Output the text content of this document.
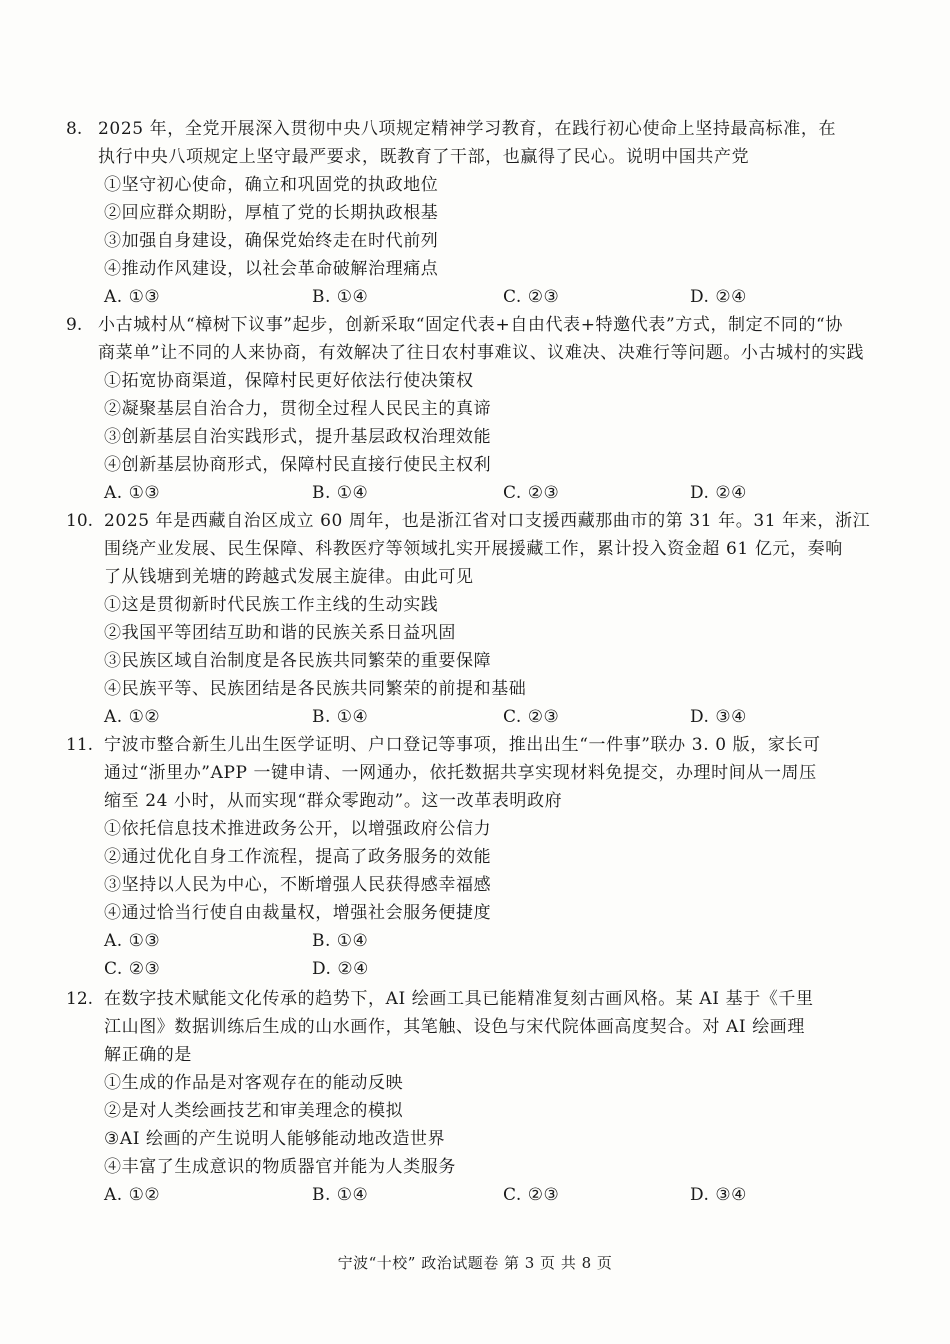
8. 2025 年，全党开展深入贯彻中央八项规定精神学习教育，在践行初心使命上坚持最高标准，在
执行中央八项规定上坚守最严要求，既教育了干部，也赢得了民心。说明中国共产党
①坚守初心使命，确立和巩固党的执政地位
②回应群众期盼，厚植了党的长期执政根基
③加强自身建设，确保党始终走在时代前列
④推动作风建设，以社会革命破解治理痛点
A. ①③	B. ①④	C. ②③	D. ②④
9. 小古城村从“樟树下议事”起步，创新采取“固定代表+自由代表+特邀代表”方式，制定不同的“协
商菜单”让不同的人来协商，有效解决了往日农村事难议、议难决、决难行等问题。小古城村的实践
①拓宽协商渠道，保障村民更好依法行使决策权
②凝聚基层自治合力，贯彻全过程人民民主的真谛
③创新基层自治实践形式，提升基层政权治理效能
④创新基层协商形式，保障村民直接行使民主权利
A. ①③	B. ①④	C. ②③	D. ②④
10. 2025 年是西藏自治区成立 60 周年，也是浙江省对口支援西藏那曲市的第 31 年。31 年来，浙江
围绕产业发展、民生保障、科教医疗等领域扎实开展援藏工作，累计投入资金超 61 亿元，奏响
了从钱塘到羌塘的跨越式发展主旋律。由此可见
①这是贯彻新时代民族工作主线的生动实践
②我国平等团结互助和谐的民族关系日益巩固
③民族区域自治制度是各民族共同繁荣的重要保障
④民族平等、民族团结是各民族共同繁荣的前提和基础
A. ①②	B. ①④	C. ②③	D. ③④
11. 宁波市整合新生儿出生医学证明、户口登记等事项，推出出生“一件事”联办 3. 0 版，家长可
通过“浙里办”APP 一键申请、一网通办，依托数据共享实现材料免提交，办理时间从一周压
缩至 24 小时，从而实现“群众零跑动”。这一改革表明政府
①依托信息技术推进政务公开，以增强政府公信力
②通过优化自身工作流程，提高了政务服务的效能
③坚持以人民为中心，不断增强人民获得感幸福感
④通过恰当行使自由裁量权，增强社会服务便捷度
A. ①③	B. ①④
C. ②③	D. ②④
12. 在数字技术赋能文化传承的趋势下，AI 绘画工具已能精准复刻古画风格。某 AI 基于《千里
江山图》数据训练后生成的山水画作，其笔触、设色与宋代院体画高度契合。对 AI 绘画理
解正确的是
①生成的作品是对客观存在的能动反映
②是对人类绘画技艺和审美理念的模拟
③AI 绘画的产生说明人能够能动地改造世界
④丰富了生成意识的物质器官并能为人类服务
A. ①②	B. ①④	C. ②③	D. ③④
宁波“十校” 政治试题卷 第 3 页 共 8 页
